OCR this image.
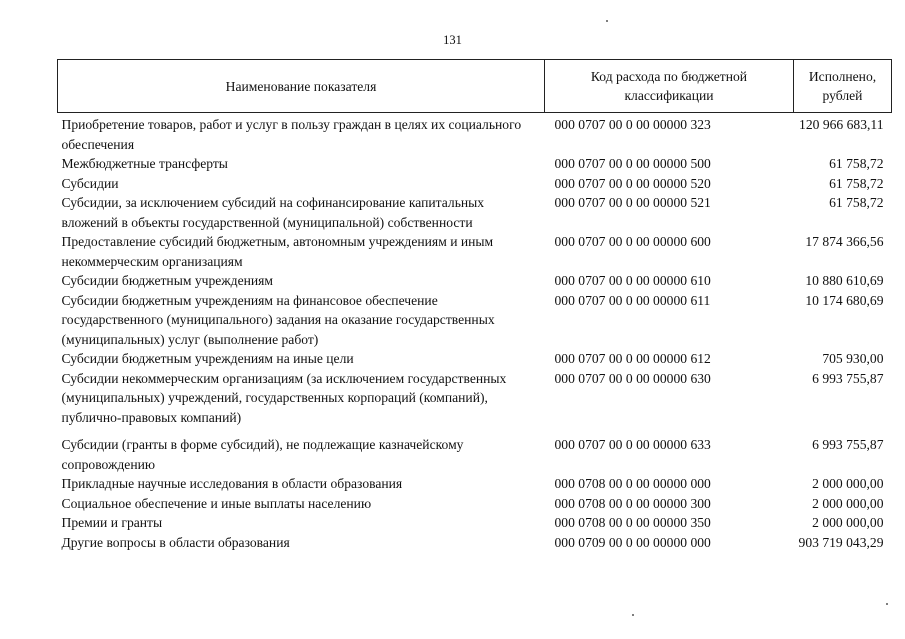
131
Наименование показателя	Код расхода по бюджетной классификации	Исполнено, рублей
Приобретение товаров, работ и услуг в пользу граждан в целях их социального обеспечения	000 0707 00 0 00 00000 323	120 966 683,11
Межбюджетные трансферты	000 0707 00 0 00 00000 500	61 758,72
Субсидии	000 0707 00 0 00 00000 520	61 758,72
Субсидии, за исключением субсидий на софинансирование капитальных вложений в объекты государственной (муниципальной) собственности	000 0707 00 0 00 00000 521	61 758,72
Предоставление субсидий бюджетным, автономным учреждениям и иным некоммерческим организациям	000 0707 00 0 00 00000 600	17 874 366,56
Субсидии бюджетным учреждениям	000 0707 00 0 00 00000 610	10 880 610,69
Субсидии бюджетным учреждениям на финансовое обеспечение государственного (муниципального) задания на оказание государственных (муниципальных) услуг (выполнение работ)	000 0707 00 0 00 00000 611	10 174 680,69
Субсидии бюджетным учреждениям на иные цели	000 0707 00 0 00 00000 612	705 930,00
Субсидии некоммерческим организациям (за исключением государственных (муниципальных) учреждений, государственных корпораций (компаний), публично-правовых компаний)	000 0707 00 0 00 00000 630	6 993 755,87
Субсидии (гранты в форме субсидий), не подлежащие казначейскому сопровождению	000 0707 00 0 00 00000 633	6 993 755,87
Прикладные научные исследования в области образования	000 0708 00 0 00 00000 000	2 000 000,00
Социальное обеспечение и иные выплаты населению	000 0708 00 0 00 00000 300	2 000 000,00
Премии и гранты	000 0708 00 0 00 00000 350	2 000 000,00
Другие вопросы в области образования	000 0709 00 0 00 00000 000	903 719 043,29
